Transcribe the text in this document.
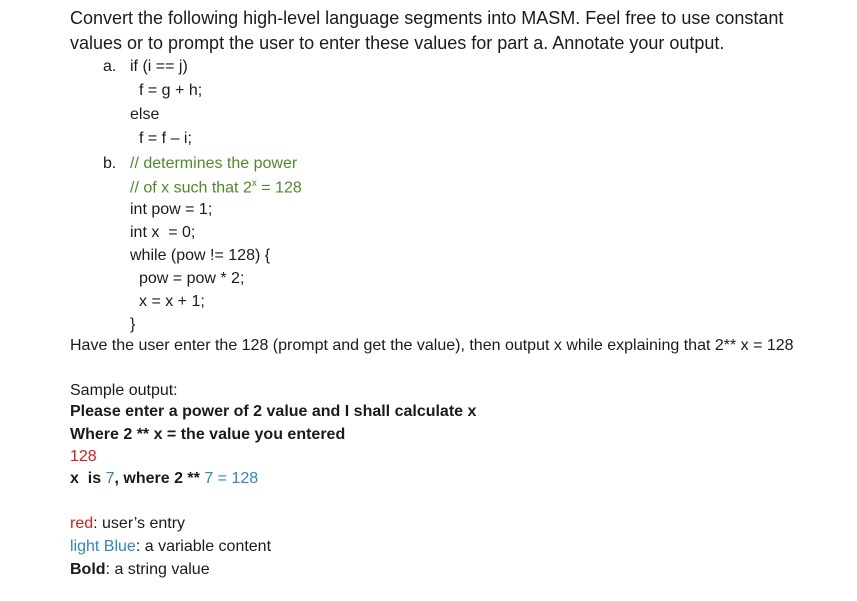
Convert the following high-level language segments into MASM. Feel free to use constant
values or to prompt the user to enter these values for part a. Annotate your output.
a. if (i == j)
f = g + h;
else
f = f – i;
b. // determines the power
// of x such that $2^x = 128$
int pow = 1;
int x  = 0;
while (pow != 128) {
pow = pow * 2;
x = x + 1;
}
Have the user enter the 128 (prompt and get the value), then output x while explaining that 2** x = 128
Sample output:
Please enter a power of 2 value and I shall calculate x
Where 2 ** x = the value you entered
128
x  is 7, where 2 ** 7 = 128
red: user’s entry
light Blue: a variable content
Bold: a string value
